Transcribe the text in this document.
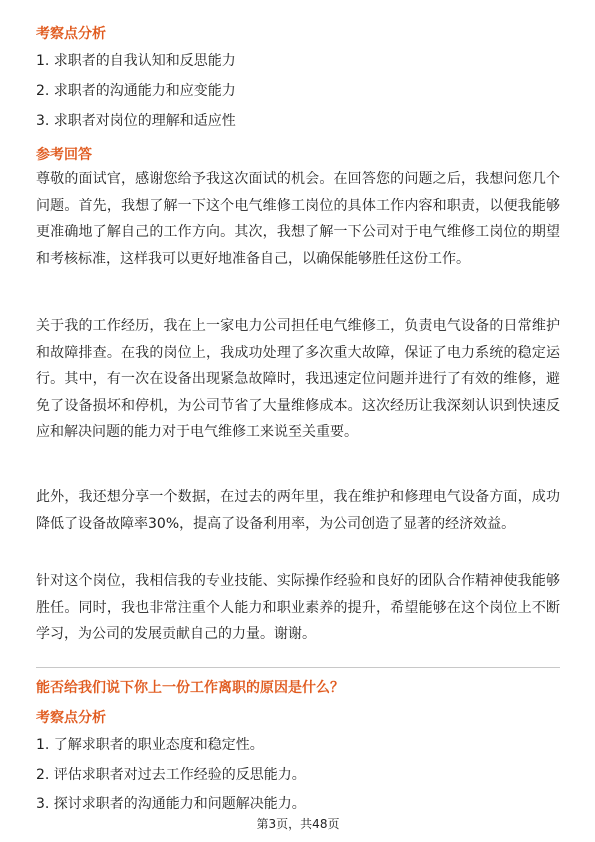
考察点分析
1. 求职者的自我认知和反思能力
2. 求职者的沟通能力和应变能力
3. 求职者对岗位的理解和适应性
参考回答
尊敬的面试官，感谢您给予我这次面试的机会。在回答您的问题之后，我想问您几个问题。首先，我想了解一下这个电气维修工岗位的具体工作内容和职责，以便我能够更准确地了解自己的工作方向。其次，我想了解一下公司对于电气维修工岗位的期望和考核标准，这样我可以更好地准备自己，以确保能够胜任这份工作。
关于我的工作经历，我在上一家电力公司担任电气维修工，负责电气设备的日常维护和故障排查。在我的岗位上，我成功处理了多次重大故障，保证了电力系统的稳定运行。其中，有一次在设备出现紧急故障时，我迅速定位问题并进行了有效的维修，避免了设备损坏和停机，为公司节省了大量维修成本。这次经历让我深刻认识到快速反应和解决问题的能力对于电气维修工来说至关重要。
此外，我还想分享一个数据，在过去的两年里，我在维护和修理电气设备方面，成功降低了设备故障率30%，提高了设备利用率，为公司创造了显著的经济效益。
针对这个岗位，我相信我的专业技能、实际操作经验和良好的团队合作精神使我能够胜任。同时，我也非常注重个人能力和职业素养的提升，希望能够在这个岗位上不断学习，为公司的发展贡献自己的力量。谢谢。
能否给我们说下你上一份工作离职的原因是什么？
考察点分析
1. 了解求职者的职业态度和稳定性。
2. 评估求职者对过去工作经验的反思能力。
3. 探讨求职者的沟通能力和问题解决能力。
第3页，共48页
